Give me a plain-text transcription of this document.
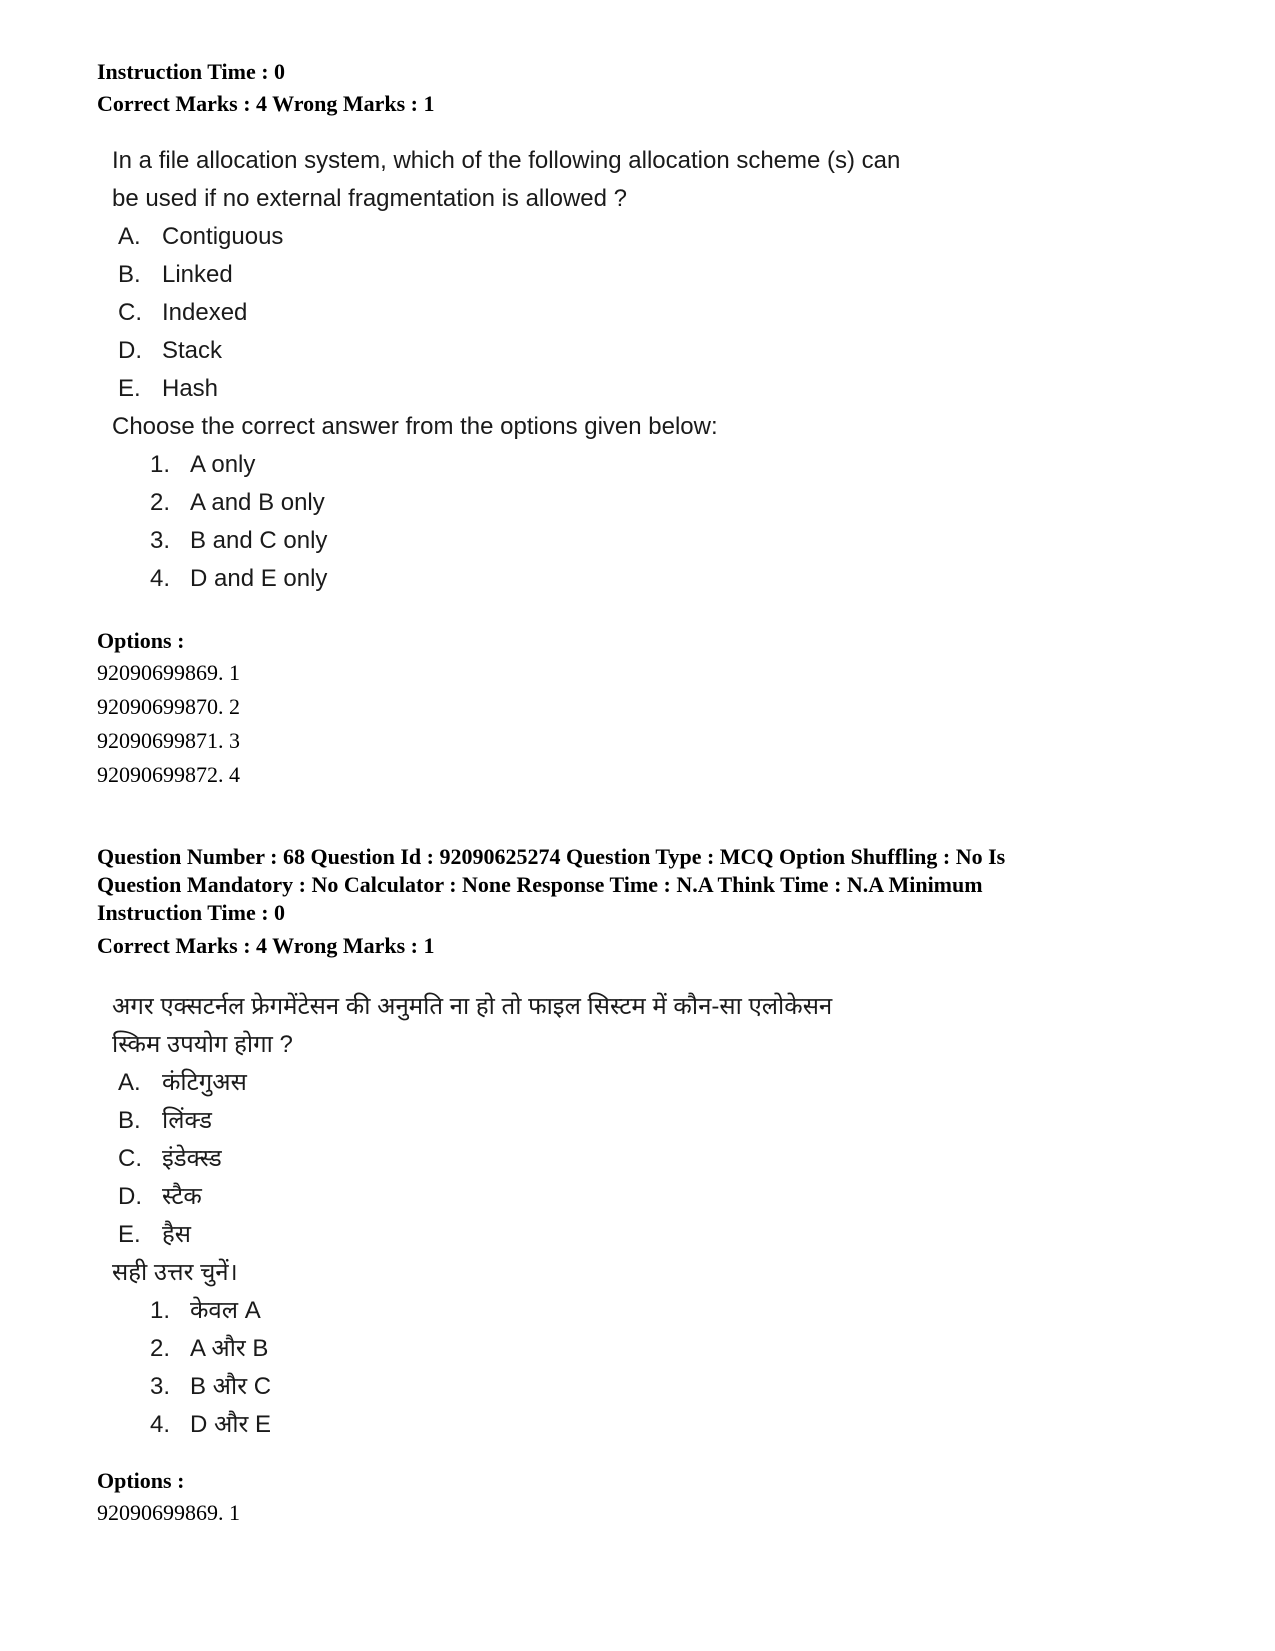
Instruction Time : 0
Correct Marks : 4 Wrong Marks : 1

In a file allocation system, which of the following allocation scheme (s) can

be used if no external fragmentation is allowed ?

A. Contiguous
B. Linked
C. Indexed
D. Stack
E. Hash

Choose the correct answer from the options given below:

1. A only
2. A and B only
3. B and C only
4. D and E only
Options :
92090699869. 1
92090699870. 2
92090699871. 3
92090699872. 4
Question Number : 68 Question Id : 92090625274 Question Type : MCQ Option Shuffling : No Is
Question Mandatory : No Calculator : None Response Time : N.A Think Time : N.A Minimum
Instruction Time : 0
Correct Marks : 4 Wrong Marks : 1

अगर एक्सटर्नल फ्रेगमेंटेसन की अनुमति ना हो तो फाइल सिस्टम में कौन-सा एलोकेसन

स्किम उपयोग होगा ?

A. कंटिगुअस
B. लिंक्ड
C. इंडेक्स्ड
D. स्टैक
E. हैस

सही उत्तर चुनें।

1. केवल A
2. A और B
3. B और C
4. D और E
Options :
92090699869. 1
